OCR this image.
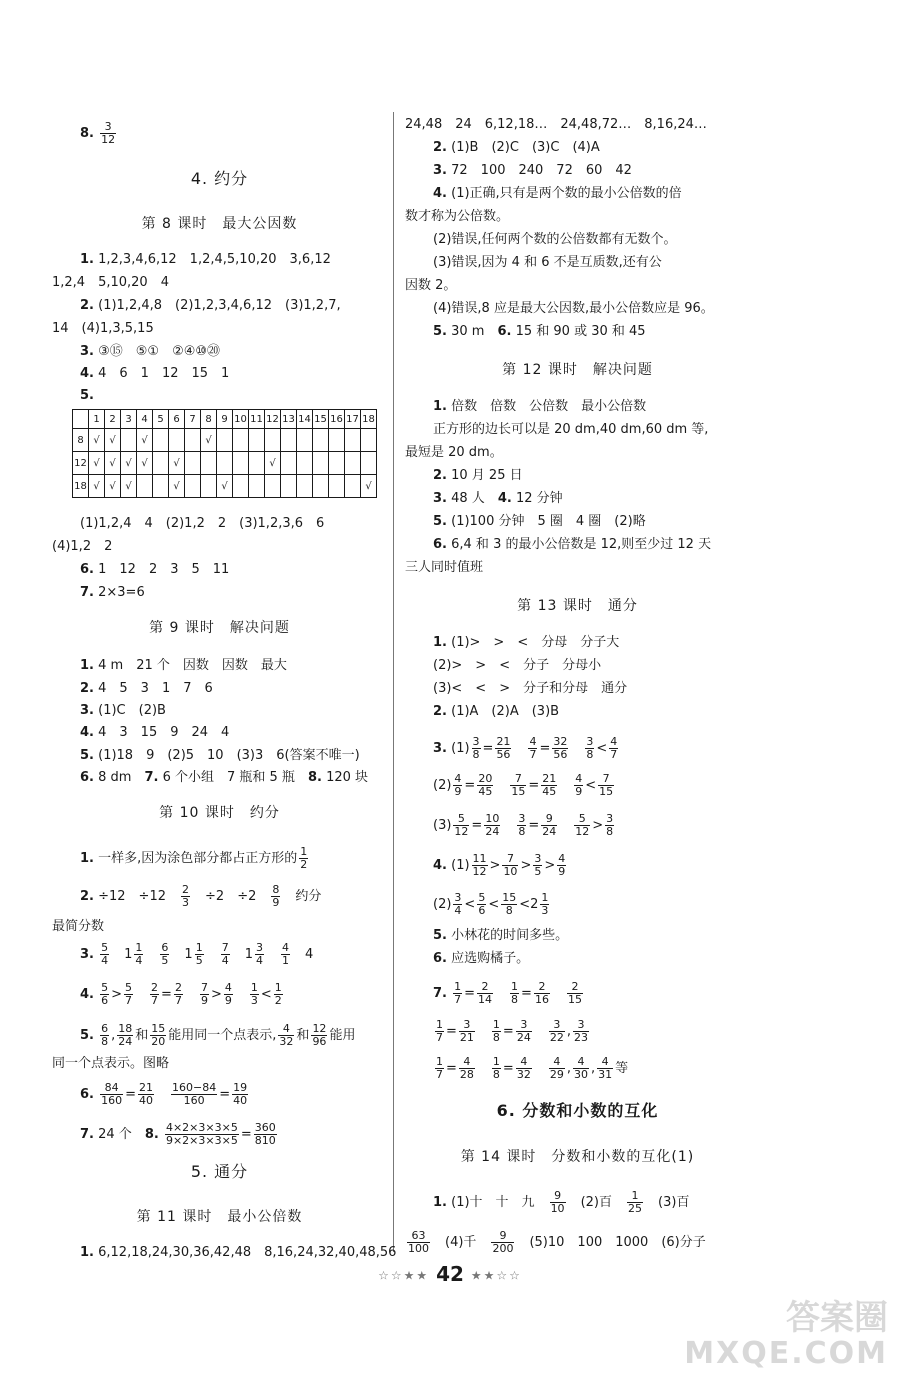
8. $\frac{3}{12}$
4. 约分
第 8 课时　最大公因数
1. 1,2,3,4,6,12　1,2,4,5,10,20　3,6,12
1,2,4　5,10,20　4
2. (1)1,2,4,8　(2)1,2,3,4,6,12　(3)1,2,7,
14　(4)1,3,5,15
3. ③⑮　⑤①　②④⑩⑳
4. 4　6　1　12　15　1
5.
	1	2	3	4	5	6	7	8	9	10	11	12	13	14	15	16	17	18
8	√	√		√				√										
12	√	√	√	√		√						√						
18	√	√	√			√			√									√
(1)1,2,4　4　(2)1,2　2　(3)1,2,3,6　6
(4)1,2　2
6. 1　12　2　3　5　11
7. 2×3=6
第 9 课时　解决问题
1. 4 m　21 个　因数　因数　最大
2. 4　5　3　1　7　6
3. (1)C　(2)B
4. 4　3　15　9　24　4
5. (1)18　9　(2)5　10　(3)3　6(答案不唯一)
6. 8 dm　 7. 6 个小组　7 瓶和 5 瓶　 8. 120 块
第 10 课时　约分
1. 一样多,因为涂色部分都占正方形的 $\frac{1}{2}$
2. ÷12　÷12　 $\frac{2}{3}$
　 ÷2　÷2　 $\frac{8}{9}$
　 约分
最简分数
3. $\frac{5}{4}$ 　$1 \frac{1}{4}$
　 $\frac{6}{5}$ 　$1 \frac{1}{5}$
　 $\frac{7}{4}$ 　$1 \frac{3}{4}$
　 $\frac{4}{1}$ 　4
4. $\frac{5}{6} > \frac{5}{7}$
　 $\frac{2}{7} = \frac{2}{7}$
　 $\frac{7}{9} > \frac{4}{9}$
　 $\frac{1}{3} < \frac{1}{2}$
5. $\frac{6}{8}$ , $\frac{18}{24}$ 和 $\frac{15}{20}$ 能用同一个点表示, $\frac{4}{32}$ 和 $\frac{12}{96}$ 能用
同一个点表示。图略
6. $\frac{84}{160} = \frac{21}{40}$
　 $\frac{160-84}{160} = \frac{19}{40}$
7. 24 个　 8. $\frac{4\times 2\times 3\times 3\times 5}{9\times 2\times 3\times 3\times 5} = \frac{360}{810}$
5. 通分
第 11 课时　最小公倍数
1. 6,12,18,24,30,36,42,48　8,16,24,32,40,48,56
24,48　24　6,12,18…　24,48,72…　8,16,24…
2. (1)B　(2)C　(3)C　(4)A
3. 72　100　240　72　60　42
4. (1)正确,只有是两个数的最小公倍数的倍
数才称为公倍数。
(2)错误,任何两个数的公倍数都有无数个。
(3)错误,因为 4 和 6 不是互质数,还有公
因数 2。
(4)错误,8 应是最大公因数,最小公倍数应是 96。
5. 30 m　 6. 15 和 90 或 30 和 45
第 12 课时　解决问题
1. 倍数　倍数　公倍数　最小公倍数
正方形的边长可以是 20 dm,40 dm,60 dm 等,
最短是 20 dm。
2. 10 月 25 日
3. 48 人　 4. 12 分钟
5. (1)100 分钟　5 圈　4 圈　(2)略
6. 6,4 和 3 的最小公倍数是 12,则至少过 12 天
三人同时值班
第 13 课时　通分
1. (1)>　>　<　分母　分子大
(2)>　>　<　分子　分母小
(3)<　<　>　分子和分母　通分
2. (1)A　(2)A　(3)B
3. $(1) \frac{3}{8} = \frac{21}{56}$
　 $\frac{4}{7} = \frac{32}{56}$
　 $\frac{3}{8} < \frac{4}{7}$
$(2) \frac{4}{9} = \frac{20}{45}$
　 $\frac{7}{15} = \frac{21}{45}$
　 $\frac{4}{9} < \frac{7}{15}$
$(3) \frac{5}{12} = \frac{10}{24}$
　 $\frac{3}{8} = \frac{9}{24}$
　 $\frac{5}{12} > \frac{3}{8}$
4. $(1) \frac{11}{12} > \frac{7}{10} > \frac{3}{5} > \frac{4}{9}$
$(2) \frac{3}{4} < \frac{5}{6} < \frac{15}{8} <2 \frac{1}{3}$
5. 小林花的时间多些。
6. 应选购橘子。
7. $\frac{1}{7} = \frac{2}{14}$
　 $\frac{1}{8} = \frac{2}{16}$
　 $\frac{2}{15}$
$\frac{1}{7} = \frac{3}{21}$
　 $\frac{1}{8} = \frac{3}{24}$
　 $\frac{3}{22}$ , $\frac{3}{23}$
$\frac{1}{7} = \frac{4}{28}$
　 $\frac{1}{8} = \frac{4}{32}$
　 $\frac{4}{29}$ , $\frac{4}{30}$ , $\frac{4}{31}$ 等
6. 分数和小数的互化
第 14 课时　分数和小数的互化(1)
1. (1)十　十　九　 $\frac{9}{10}$
　 (2)百　 $\frac{1}{25}$
　 (3)百
$\frac{63}{100}$
　 (4)千　 $\frac{9}{200}$
　 (5)10　100　1000　(6)分子
☆☆★★ 42 ★★☆☆
答案圈
MXQE.COM
